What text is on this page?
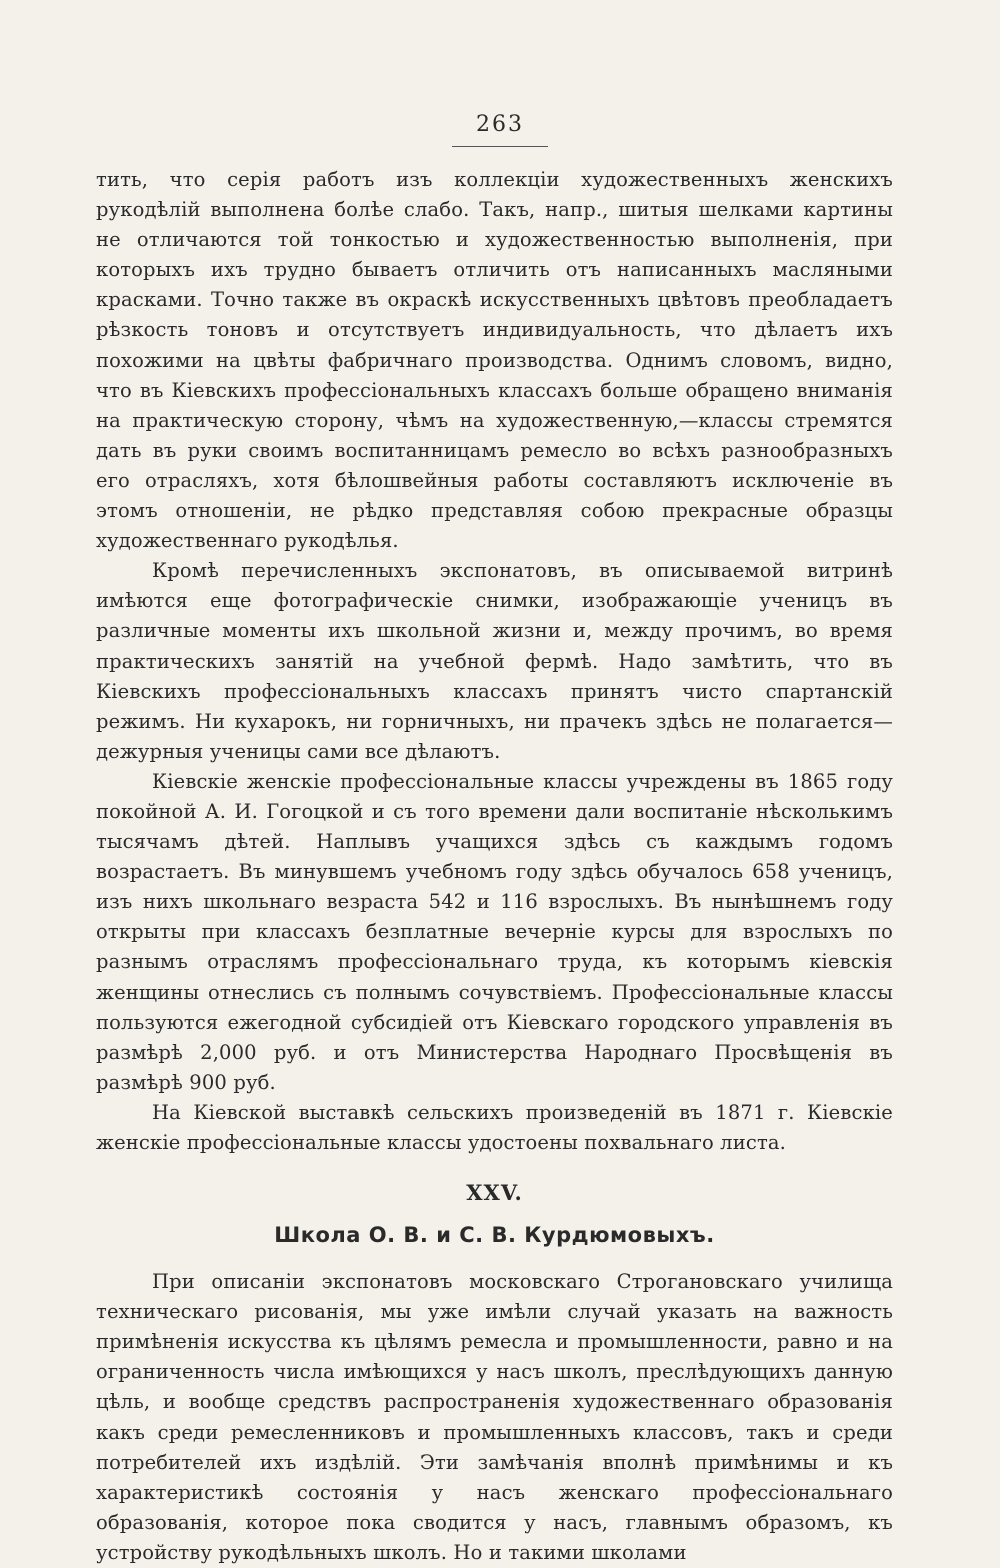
263

тить, что серія работъ изъ коллекціи художественныхъ женскихъ рукодѣлій выполнена болѣе слабо. Такъ, напр., шитыя шелками картины не отличаются той тонкостью и художественностью выполненія, при которыхъ ихъ трудно бываетъ отличить отъ написанныхъ масляными красками. Точно также въ окраскѣ искусственныхъ цвѣтовъ преобладаетъ рѣзкость тоновъ и отсутствуетъ индивидуальность, что дѣлаетъ ихъ похожими на цвѣты фабричнаго производства. Однимъ словомъ, видно, что въ Кіевскихъ профессіональныхъ классахъ больше обращено вниманія на практическую сторону, чѣмъ на художественную,—классы стремятся дать въ руки своимъ воспитанницамъ ремесло во всѣхъ разнообразныхъ его отрасляхъ, хотя бѣлошвейныя работы составляютъ исключеніе въ этомъ отношеніи, не рѣдко представляя собою прекрасные образцы художественнаго рукодѣлья.

Кромѣ перечисленныхъ экспонатовъ, въ описываемой витринѣ имѣются еще фотографическіе снимки, изображающіе ученицъ въ различные моменты ихъ школьной жизни и, между прочимъ, во время практическихъ занятій на учебной фермѣ. Надо замѣтить, что въ Кіевскихъ профессіональныхъ классахъ принятъ чисто спартанскій режимъ. Ни кухарокъ, ни горничныхъ, ни прачекъ здѣсь не полагается—дежурныя ученицы сами все дѣлаютъ.

Кіевскіе женскіе профессіональные классы учреждены въ 1865 году покойной А. И. Гогоцкой и съ того времени дали воспитаніе нѣсколькимъ тысячамъ дѣтей. Наплывъ учащихся здѣсь съ каждымъ годомъ возрастаетъ. Въ минувшемъ учебномъ году здѣсь обучалось 658 ученицъ, изъ нихъ школьнаго везраста 542 и 116 взрослыхъ. Въ нынѣшнемъ году открыты при классахъ безплатные вечерніе курсы для взрослыхъ по разнымъ отраслямъ профессіональнаго труда, къ которымъ кіевскія женщины отнеслись съ полнымъ сочувствіемъ. Профессіональные классы пользуются ежегодной субсидіей отъ Кіевскаго городского управленія въ размѣрѣ 2,000 руб. и отъ Министерства Народнаго Просвѣщенія въ размѣрѣ 900 руб.

На Кіевской выставкѣ сельскихъ произведеній въ 1871 г. Кіевскіе женскіе профессіональные классы удостоены похвальнаго листа.

XXV.
Школа О. В. и С. В. Курдюмовыхъ.

При описаніи экспонатовъ московскаго Строгановскаго училища техническаго рисованія, мы уже имѣли случай указать на важность примѣненія искусства къ цѣлямъ ремесла и промышленности, равно и на ограниченность числа имѣющихся у насъ школъ, преслѣдующихъ данную цѣль, и вообще средствъ распространенія художественнаго образованія какъ среди ремесленниковъ и промышленныхъ классовъ, такъ и среди потребителей ихъ издѣлій. Эти замѣчанія вполнѣ примѣнимы и къ характеристикѣ состоянія у насъ женскаго профессіональнаго образованія, которое пока сводится у насъ, главнымъ образомъ, къ устройству рукодѣльныхъ школъ. Но и такими школами
